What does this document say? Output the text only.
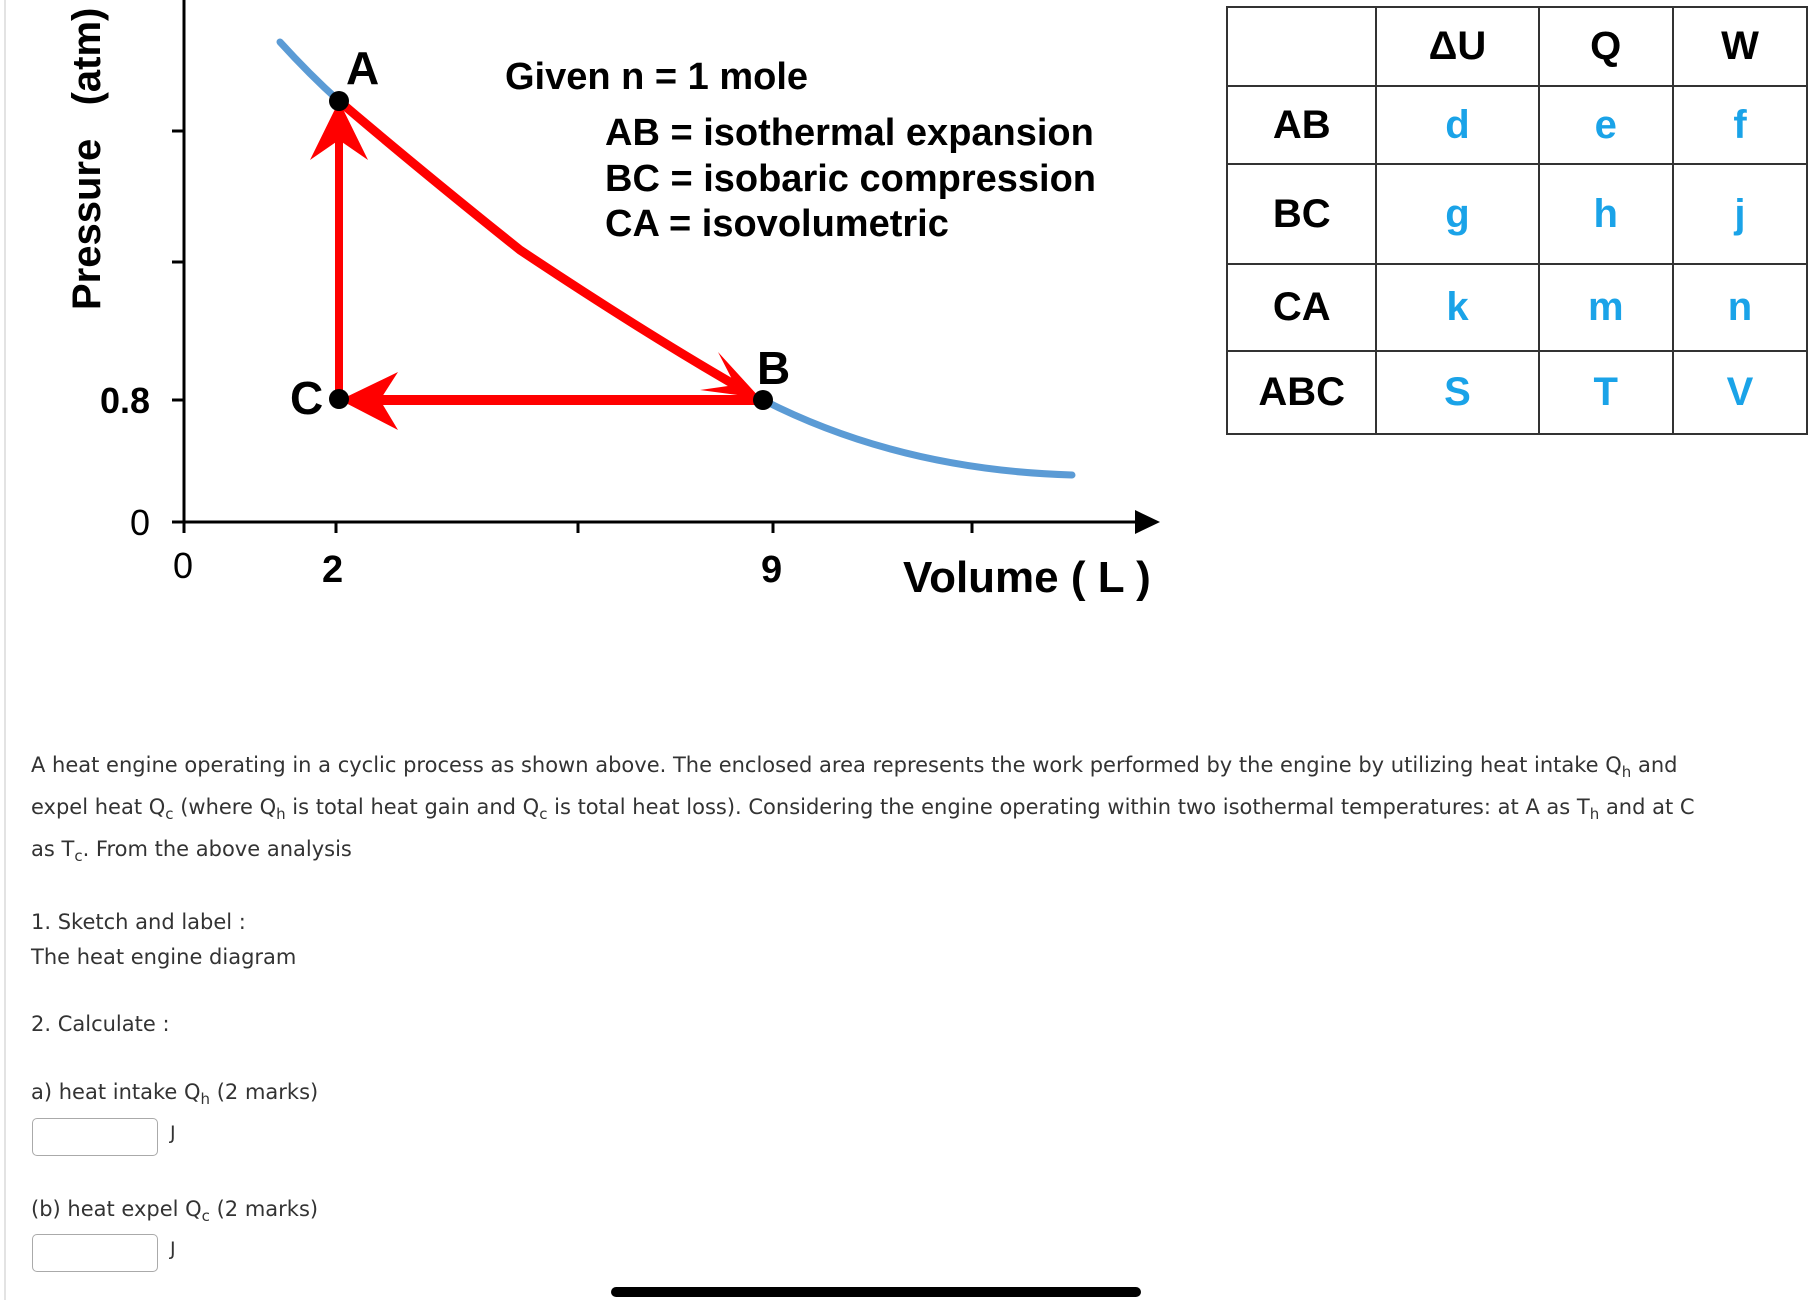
A
B
C
Pressure   (atm)
0.8
0
0	2	9	Volume ( L )
Given n = 1 mole
AB = isothermal expansion
BC = isobaric compression
CA = isovolumetric
	ΔU	Q	W
AB	d	e	f
BC	g	h	j
CA	k	m	n
ABC	S	T	V
A heat engine operating in a cyclic process as shown above. The enclosed area represents the work performed by the engine by utilizing heat intake $Q_h$ and
expel heat $Q_c$ (where $Q_h$ is total heat gain and $Q_c$ is total heat loss). Considering the engine operating within two isothermal temperatures: at A as $T_h$ and at C
as $T_c$. From the above analysis
1. Sketch and label :
The heat engine diagram
2. Calculate :
a) heat intake $Q_h$ (2 marks)
J
(b) heat expel $Q_c$ (2 marks)
J
